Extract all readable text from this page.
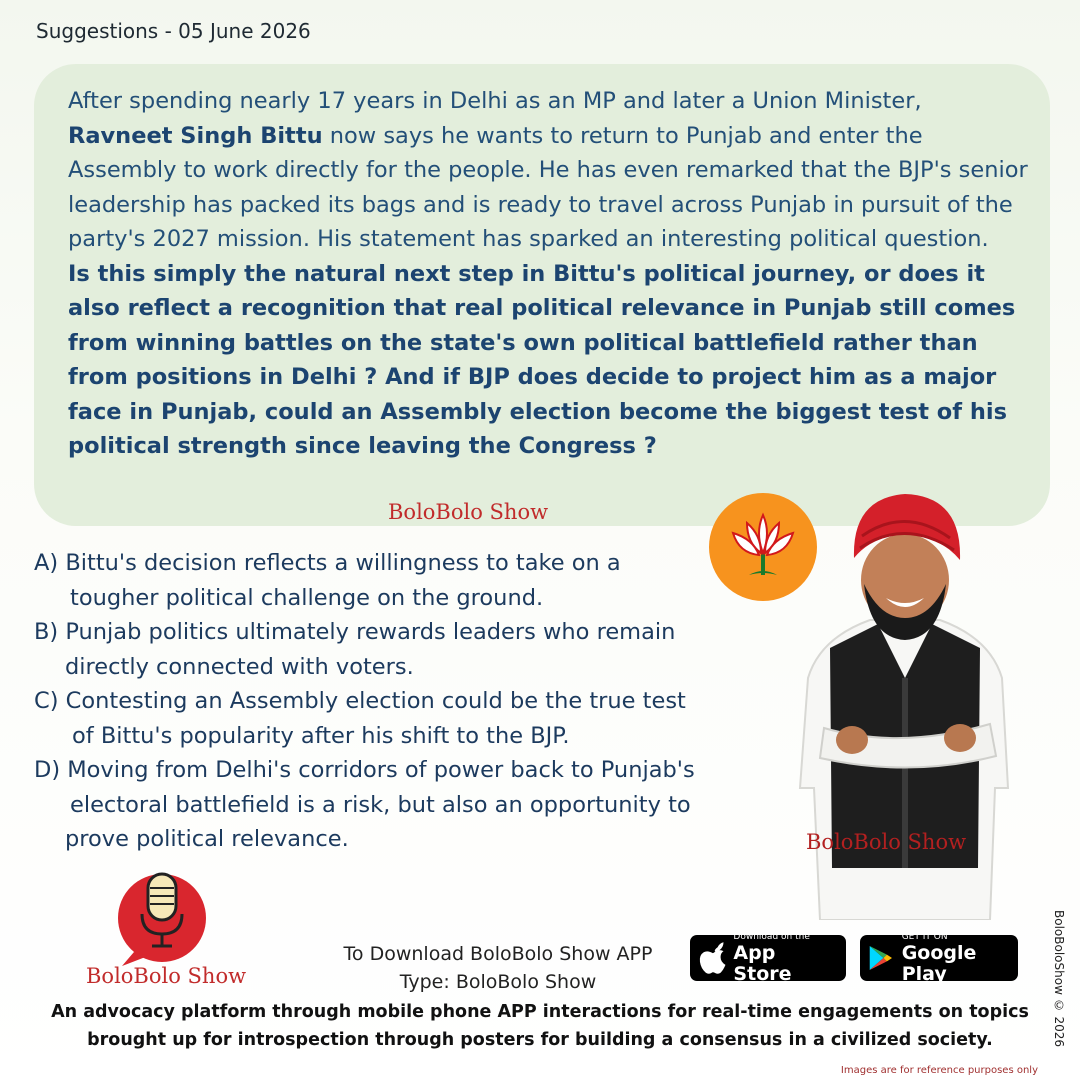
Suggestions - 05 June 2026
After spending nearly 17 years in Delhi as an MP and later a Union Minister, Ravneet Singh Bittu now says he wants to return to Punjab and enter the Assembly to work directly for the people. He has even remarked that the BJP's senior leadership has packed its bags and is ready to travel across Punjab in pursuit of the party's 2027 mission. His statement has sparked an interesting political question.
Is this simply the natural next step in Bittu's political journey, or does it also reflect a recognition that real political relevance in Punjab still comes from winning battles on the state's own political battlefield rather than from positions in Delhi ? And if BJP does decide to project him as a major face in Punjab, could an Assembly election become the biggest test of his political strength since leaving the Congress ?
BoloBolo Show
A) Bittu's decision reflects a willingness to take on a
tougher political challenge on the ground.
B) Punjab politics ultimately rewards leaders who remain
directly connected with voters.
C) Contesting an Assembly election could be the true test
of Bittu's popularity after his shift to the BJP.
D) Moving from Delhi's corridors of power back to Punjab's
electoral battlefield is a risk, but also an opportunity to
prove political relevance.	BoloBolo Show
BoloBolo Show
To Download BoloBolo Show APP
Type: BoloBolo Show
Download on the
App Store
GET IT ON
Google Play
An advocacy platform through mobile phone APP interactions for real-time engagements on topics
brought up for introspection through posters for building a consensus in a civilized society.	BoloBoloShow © 2026
Images are for reference purposes only
